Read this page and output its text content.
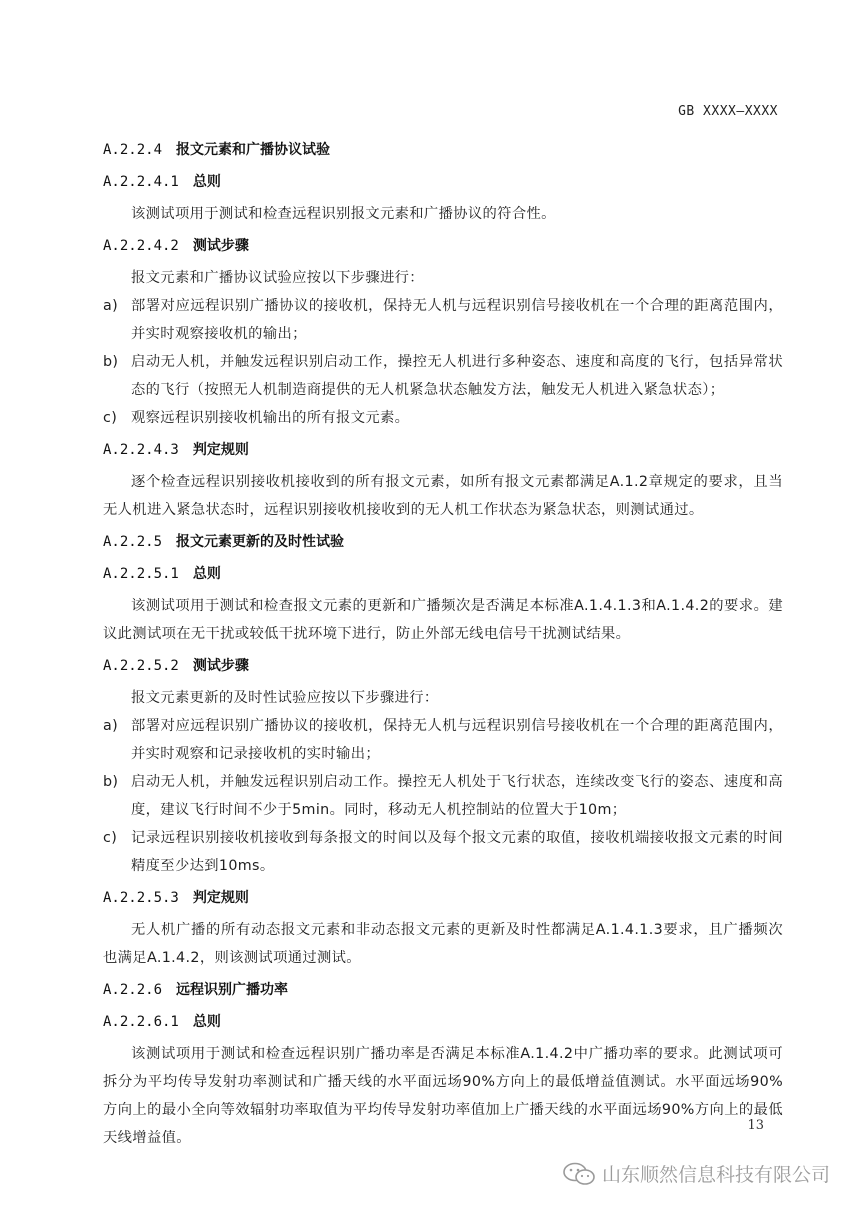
GB XXXX—XXXX
A.2.2.4 报文元素和广播协议试验
A.2.2.4.1 总则

该测试项用于测试和检查远程识别报文元素和广播协议的符合性。

A.2.2.4.2 测试步骤

报文元素和广播协议试验应按以下步骤进行：

a) 部署对应远程识别广播协议的接收机，保持无人机与远程识别信号接收机在一个合理的距离范围内，并实时观察接收机的输出；
b) 启动无人机，并触发远程识别启动工作，操控无人机进行多种姿态、速度和高度的飞行，包括异常状态的飞行（按照无人机制造商提供的无人机紧急状态触发方法，触发无人机进入紧急状态）；
c) 观察远程识别接收机输出的所有报文元素。
A.2.2.4.3 判定规则

逐个检查远程识别接收机接收到的所有报文元素，如所有报文元素都满足A.1.2章规定的要求，且当无人机进入紧急状态时，远程识别接收机接收到的无人机工作状态为紧急状态，则测试通过。

A.2.2.5 报文元素更新的及时性试验
A.2.2.5.1 总则

该测试项用于测试和检查报文元素的更新和广播频次是否满足本标准A.1.4.1.3和A.1.4.2的要求。建议此测试项在无干扰或较低干扰环境下进行，防止外部无线电信号干扰测试结果。

A.2.2.5.2 测试步骤

报文元素更新的及时性试验应按以下步骤进行：

a) 部署对应远程识别广播协议的接收机，保持无人机与远程识别信号接收机在一个合理的距离范围内，并实时观察和记录接收机的实时输出；
b) 启动无人机，并触发远程识别启动工作。操控无人机处于飞行状态，连续改变飞行的姿态、速度和高度，建议飞行时间不少于5min。同时，移动无人机控制站的位置大于10m；
c) 记录远程识别接收机接收到每条报文的时间以及每个报文元素的取值，接收机端接收报文元素的时间精度至少达到10ms。
A.2.2.5.3 判定规则

无人机广播的所有动态报文元素和非动态报文元素的更新及时性都满足A.1.4.1.3要求，且广播频次也满足A.1.4.2，则该测试项通过测试。

A.2.2.6 远程识别广播功率
A.2.2.6.1 总则

该测试项用于测试和检查远程识别广播功率是否满足本标准A.1.4.2中广播功率的要求。此测试项可拆分为平均传导发射功率测试和广播天线的水平面远场90%方向上的最低增益值测试。水平面远场90%方向上的最小全向等效辐射功率取值为平均传导发射功率值加上广播天线的水平面远场90%方向上的最低天线增益值。

13
山东顺然信息科技有限公司
